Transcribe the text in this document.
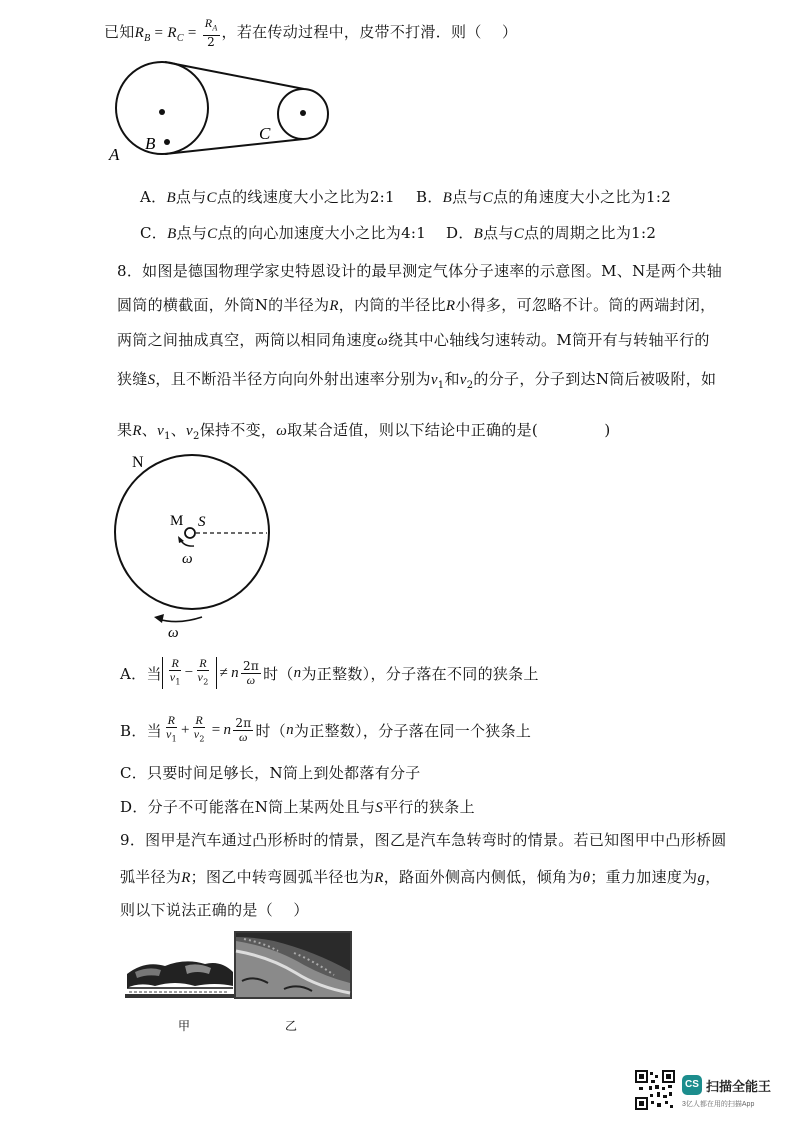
已知$R_B = R_C = \frac{R_A}{2}$ ，若在传动过程中，皮带不打滑．则（　 ）
A
B
C
A．B点与C点的线速度大小之比为2:1 B．B点与C点的角速度大小之比为1:2
C．B点与C点的向心加速度大小之比为4:1 D．B点与C点的周期之比为1:2
8．如图是德国物理学家史特恩设计的最早测定气体分子速率的示意图。M、N是两个共轴
圆筒的横截面，外筒N的半径为R，内筒的半径比R小得多，可忽略不计。筒的两端封闭，
两筒之间抽成真空，两筒以相同角速度ω绕其中心轴线匀速转动。M筒开有与转轴平行的
狭缝S，且不断沿半径方向向外射出速率分别为$v_1$和$v_2$的分子，分子到达N筒后被吸附，如
果R、$v_1$、$v_2$保持不变，ω取某合适值，则以下结论中正确的是(　　　　 )
N
M S
ω
ω
A． 当 $\frac{R}{v_1} - \frac{R}{v_2} \ne n \frac{2\pi}{\omega}$ 时（ n 为正整数），分子落在不同的狭条上
B． 当 $\frac{R}{v_1} + \frac{R}{v_2} = n \frac{2\pi}{\omega}$ 时（ n 为正整数），分子落在同一个狭条上
C．只要时间足够长，N筒上到处都落有分子
D．分子不可能落在N筒上某两处且与S平行的狭条上
9．图甲是汽车通过凸形桥时的情景，图乙是汽车急转弯时的情景。若已知图甲中凸形桥圆
弧半径为R；图乙中转弯圆弧半径也为R，路面外侧高内侧低，倾角为θ；重力加速度为g，
则以下说法正确的是（　 ）
甲	乙
CS 扫描全能王
3亿人都在用的扫描App
